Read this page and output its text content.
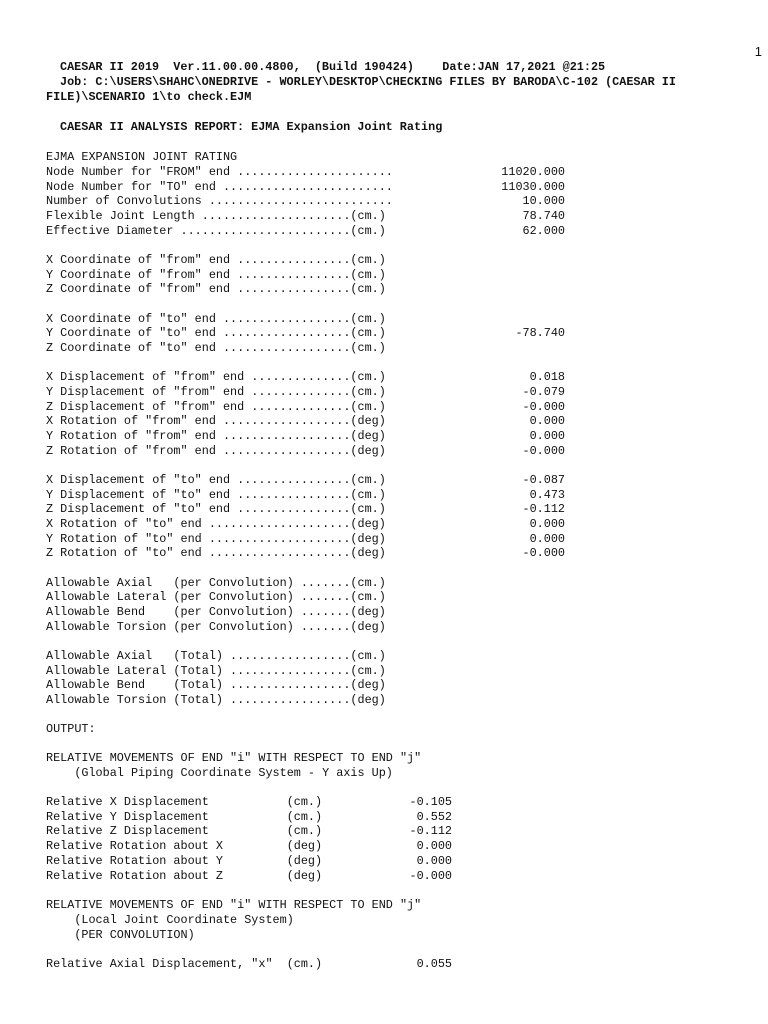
1
CAESAR II 2019  Ver.11.00.00.4800,  (Build 190424)    Date:JAN 17,2021 @21:25
Job: C:\USERS\SHAHC\ONEDRIVE - WORLEY\DESKTOP\CHECKING FILES BY BARODA\C-102 (CAESAR II
FILE)\SCENARIO 1\to check.EJM
CAESAR II ANALYSIS REPORT: EJMA Expansion Joint Rating
EJMA EXPANSION JOINT RATING
Node Number for "FROM" end ......................	11020.000
Node Number for "TO" end ........................	11030.000
Number of Convolutions ..........................	10.000
Flexible Joint Length .....................(cm.)	78.740
Effective Diameter ........................(cm.)	62.000
X Coordinate of "from" end ................(cm.)
Y Coordinate of "from" end ................(cm.)
Z Coordinate of "from" end ................(cm.)
X Coordinate of "to" end ..................(cm.)
Y Coordinate of "to" end ..................(cm.)	-78.740
Z Coordinate of "to" end ..................(cm.)
X Displacement of "from" end ..............(cm.)	0.018
Y Displacement of "from" end ..............(cm.)	-0.079
Z Displacement of "from" end ..............(cm.)	-0.000
X Rotation of "from" end ..................(deg)	0.000
Y Rotation of "from" end ..................(deg)	0.000
Z Rotation of "from" end ..................(deg)	-0.000
X Displacement of "to" end ................(cm.)	-0.087
Y Displacement of "to" end ................(cm.)	0.473
Z Displacement of "to" end ................(cm.)	-0.112
X Rotation of "to" end ....................(deg)	0.000
Y Rotation of "to" end ....................(deg)	0.000
Z Rotation of "to" end ....................(deg)	-0.000
Allowable Axial   (per Convolution) .......(cm.)
Allowable Lateral (per Convolution) .......(cm.)
Allowable Bend    (per Convolution) .......(deg)
Allowable Torsion (per Convolution) .......(deg)
Allowable Axial   (Total) .................(cm.)
Allowable Lateral (Total) .................(cm.)
Allowable Bend    (Total) .................(deg)
Allowable Torsion (Total) .................(deg)
OUTPUT:
RELATIVE MOVEMENTS OF END "i" WITH RESPECT TO END "j"
(Global Piping Coordinate System - Y axis Up)
Relative X Displacement           (cm.)	-0.105
Relative Y Displacement           (cm.)	0.552
Relative Z Displacement           (cm.)	-0.112
Relative Rotation about X         (deg)	0.000
Relative Rotation about Y         (deg)	0.000
Relative Rotation about Z         (deg)	-0.000
RELATIVE MOVEMENTS OF END "i" WITH RESPECT TO END "j"
(Local Joint Coordinate System)
(PER CONVOLUTION)
Relative Axial Displacement, "x"  (cm.)	0.055
